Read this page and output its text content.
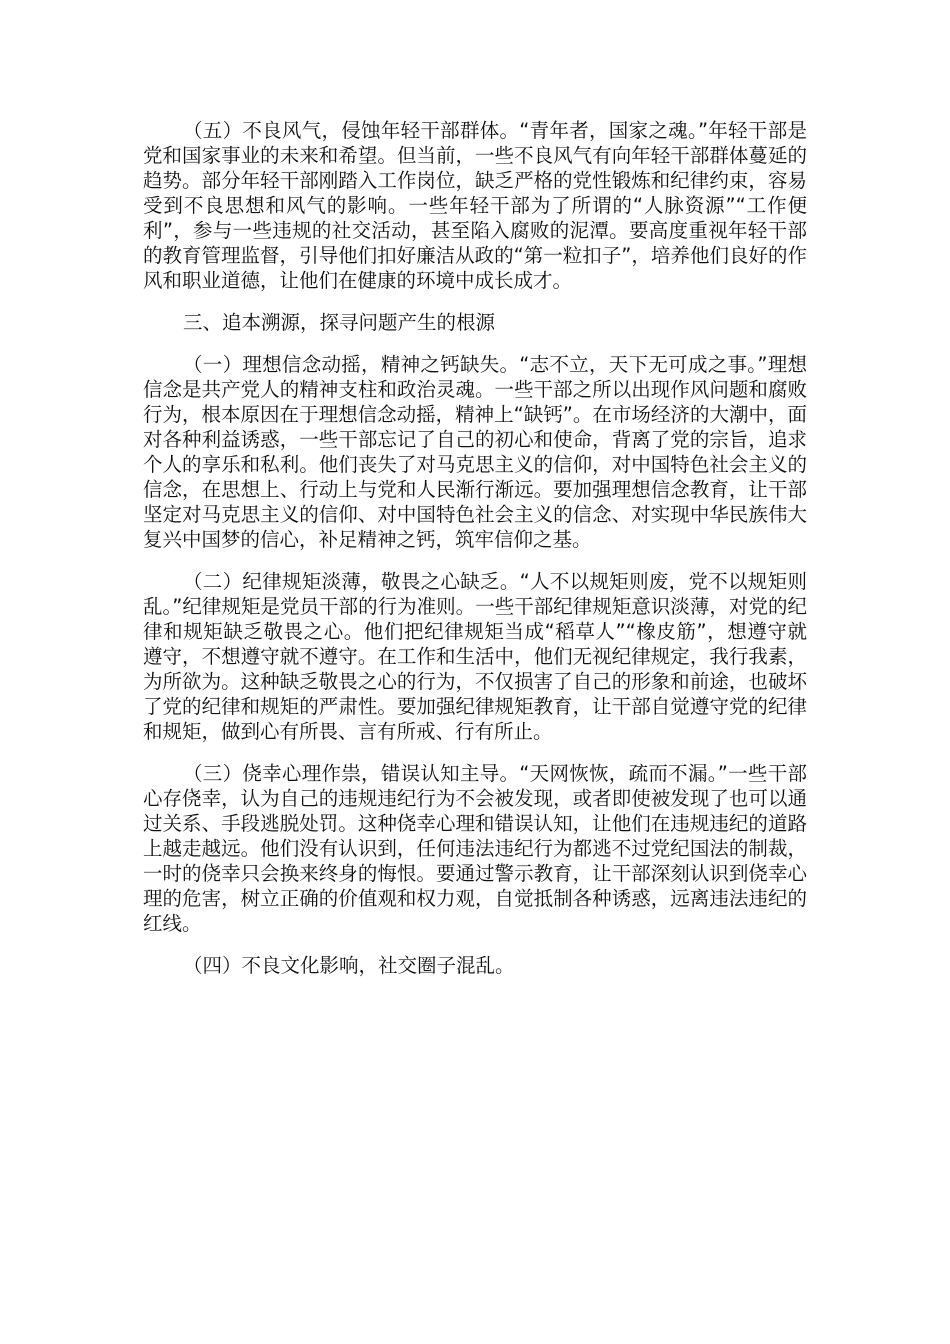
（五）不良风气，侵蚀年轻干部群体。“青年者，国家之魂。”年轻干部是党和国家事业的未来和希望。但当前，一些不良风气有向年轻干部群体蔓延的趋势。部分年轻干部刚踏入工作岗位，缺乏严格的党性锻炼和纪律约束，容易受到不良思想和风气的影响。一些年轻干部为了所谓的“人脉资源”“工作便利”，参与一些违规的社交活动，甚至陷入腐败的泥潭。要高度重视年轻干部的教育管理监督，引导他们扣好廉洁从政的“第一粒扣子”，培养他们良好的作风和职业道德，让他们在健康的环境中成长成才。

三、追本溯源，探寻问题产生的根源

（一）理想信念动摇，精神之钙缺失。“志不立，天下无可成之事。”理想信念是共产党人的精神支柱和政治灵魂。一些干部之所以出现作风问题和腐败行为，根本原因在于理想信念动摇，精神上“缺钙”。在市场经济的大潮中，面对各种利益诱惑，一些干部忘记了自己的初心和使命，背离了党的宗旨，追求个人的享乐和私利。他们丧失了对马克思主义的信仰，对中国特色社会主义的信念，在思想上、行动上与党和人民渐行渐远。要加强理想信念教育，让干部坚定对马克思主义的信仰、对中国特色社会主义的信念、对实现中华民族伟大复兴中国梦的信心，补足精神之钙，筑牢信仰之基。

（二）纪律规矩淡薄，敬畏之心缺乏。“人不以规矩则废，党不以规矩则乱。”纪律规矩是党员干部的行为准则。一些干部纪律规矩意识淡薄，对党的纪律和规矩缺乏敬畏之心。他们把纪律规矩当成“稻草人”“橡皮筋”，想遵守就遵守，不想遵守就不遵守。在工作和生活中，他们无视纪律规定，我行我素，为所欲为。这种缺乏敬畏之心的行为，不仅损害了自己的形象和前途，也破坏了党的纪律和规矩的严肃性。要加强纪律规矩教育，让干部自觉遵守党的纪律和规矩，做到心有所畏、言有所戒、行有所止。

（三）侥幸心理作祟，错误认知主导。“天网恢恢，疏而不漏。”一些干部心存侥幸，认为自己的违规违纪行为不会被发现，或者即使被发现了也可以通过关系、手段逃脱处罚。这种侥幸心理和错误认知，让他们在违规违纪的道路上越走越远。他们没有认识到，任何违法违纪行为都逃不过党纪国法的制裁，一时的侥幸只会换来终身的悔恨。要通过警示教育，让干部深刻认识到侥幸心理的危害，树立正确的价值观和权力观，自觉抵制各种诱惑，远离违法违纪的红线。

（四）不良文化影响，社交圈子混乱。
